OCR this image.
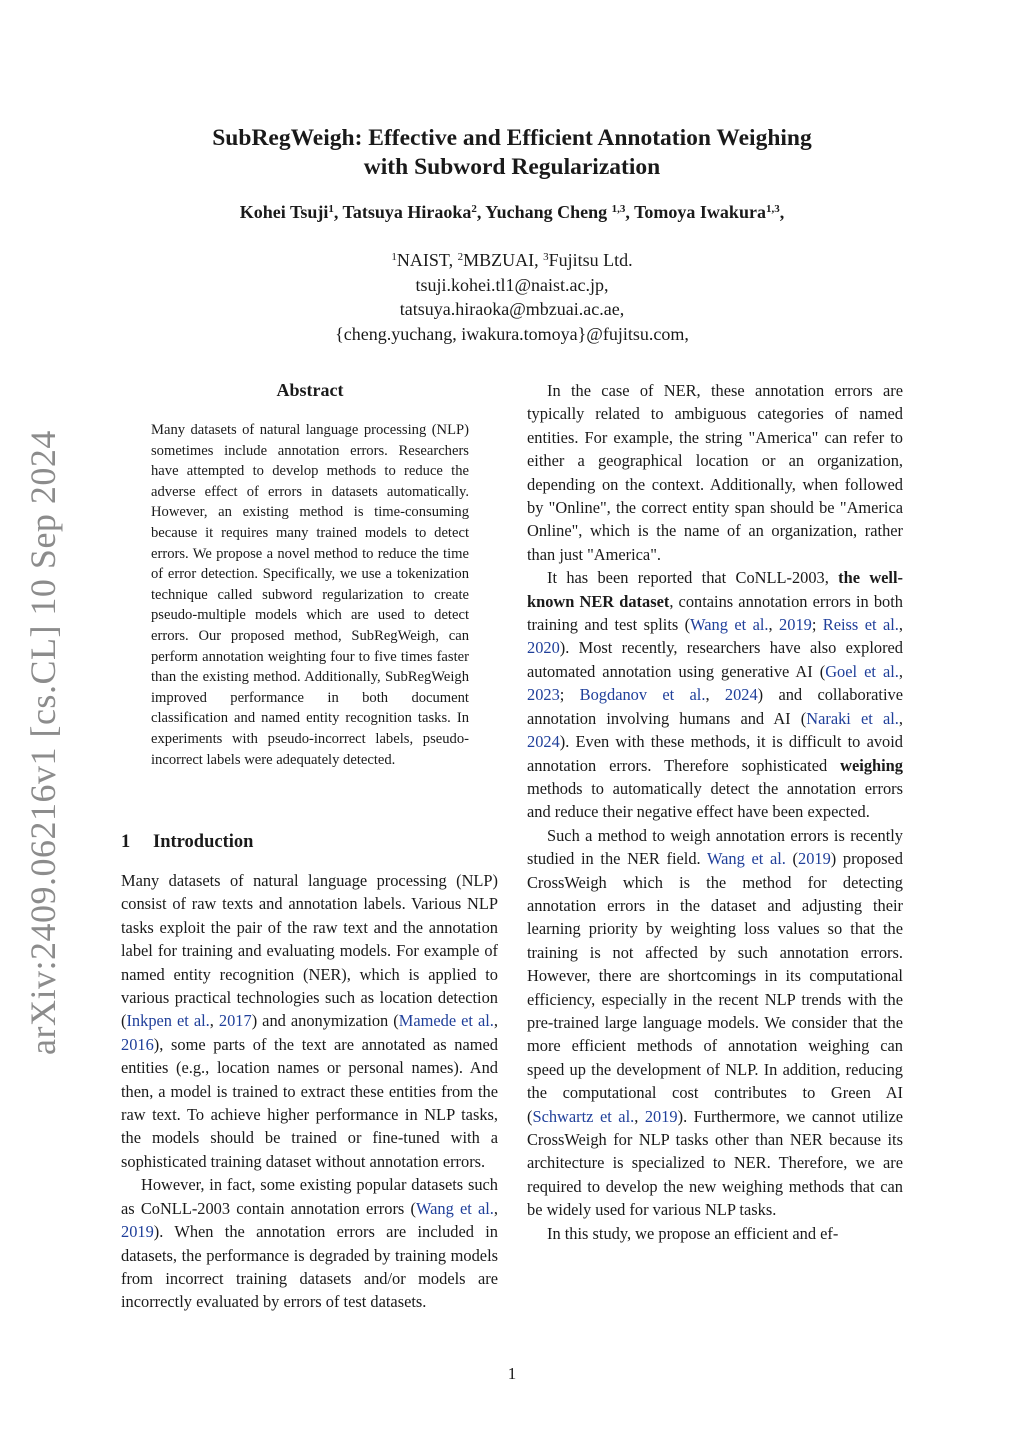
arXiv:2409.06216v1 [cs.CL] 10 Sep 2024
SubRegWeigh: Effective and Efficient Annotation Weighing
with Subword Regularization
Kohei Tsuji$^1$, Tatsuya Hiraoka$^2$, Yuchang Cheng $^{1,3}$, Tomoya Iwakura$^{1,3}$,
$^1$NAIST, $^2$MBZUAI, $^3$Fujitsu Ltd.
tsuji.kohei.tl1@naist.ac.jp,
tatsuya.hiraoka@mbzuai.ac.ae,
{cheng.yuchang, iwakura.tomoya}@fujitsu.com,
Abstract

Many datasets of natural language processing (NLP) sometimes include annotation errors. Researchers have attempted to develop methods to reduce the adverse effect of errors in datasets automatically. However, an existing method is time-consuming because it requires many trained models to detect errors. We propose a novel method to reduce the time of error detection. Specifically, we use a tokenization technique called subword regularization to create pseudo-multiple models which are used to detect errors. Our proposed method, SubRegWeigh, can perform annotation weighting four to five times faster than the existing method. Additionally, SubRegWeigh improved performance in both document classification and named entity recognition tasks. In experiments with pseudo-incorrect labels, pseudo-incorrect labels were adequately detected.

1 Introduction

Many datasets of natural language processing (NLP) consist of raw texts and annotation labels. Various NLP tasks exploit the pair of the raw text and the annotation label for training and evaluating models. For example of named entity recognition (NER), which is applied to various practical technologies such as location detection (Inkpen et al., 2017) and anonymization (Mamede et al., 2016), some parts of the text are annotated as named entities (e.g., location names or personal names). And then, a model is trained to extract these entities from the raw text. To achieve higher performance in NLP tasks, the models should be trained or fine-tuned with a sophisticated training dataset without annotation errors.

However, in fact, some existing popular datasets such as CoNLL-2003 contain annotation errors (Wang et al., 2019). When the annotation errors are included in datasets, the performance is degraded by training models from incorrect training datasets and/or models are incorrectly evaluated by errors of test datasets.

In the case of NER, these annotation errors are typically related to ambiguous categories of named entities. For example, the string "America" can refer to either a geographical location or an organization, depending on the context. Additionally, when followed by "Online", the correct entity span should be "America Online", which is the name of an organization, rather than just "America".

It has been reported that CoNLL-2003, the well-known NER dataset, contains annotation errors in both training and test splits (Wang et al., 2019; Reiss et al., 2020). Most recently, researchers have also explored automated annotation using generative AI (Goel et al., 2023; Bogdanov et al., 2024) and collaborative annotation involving humans and AI (Naraki et al., 2024). Even with these methods, it is difficult to avoid annotation errors. Therefore sophisticated weighing methods to automatically detect the annotation errors and reduce their negative effect have been expected.

Such a method to weigh annotation errors is recently studied in the NER field. Wang et al. (2019) proposed CrossWeigh which is the method for detecting annotation errors in the dataset and adjusting their learning priority by weighting loss values so that the training is not affected by such annotation errors. However, there are shortcomings in its computational efficiency, especially in the recent NLP trends with the pre-trained large language models. We consider that the more efficient methods of annotation weighing can speed up the development of NLP. In addition, reducing the computational cost contributes to Green AI (Schwartz et al., 2019). Furthermore, we cannot utilize CrossWeigh for NLP tasks other than NER because its architecture is specialized to NER. Therefore, we are required to develop the new weighing methods that can be widely used for various NLP tasks.

In this study, we propose an efficient and ef-

1
